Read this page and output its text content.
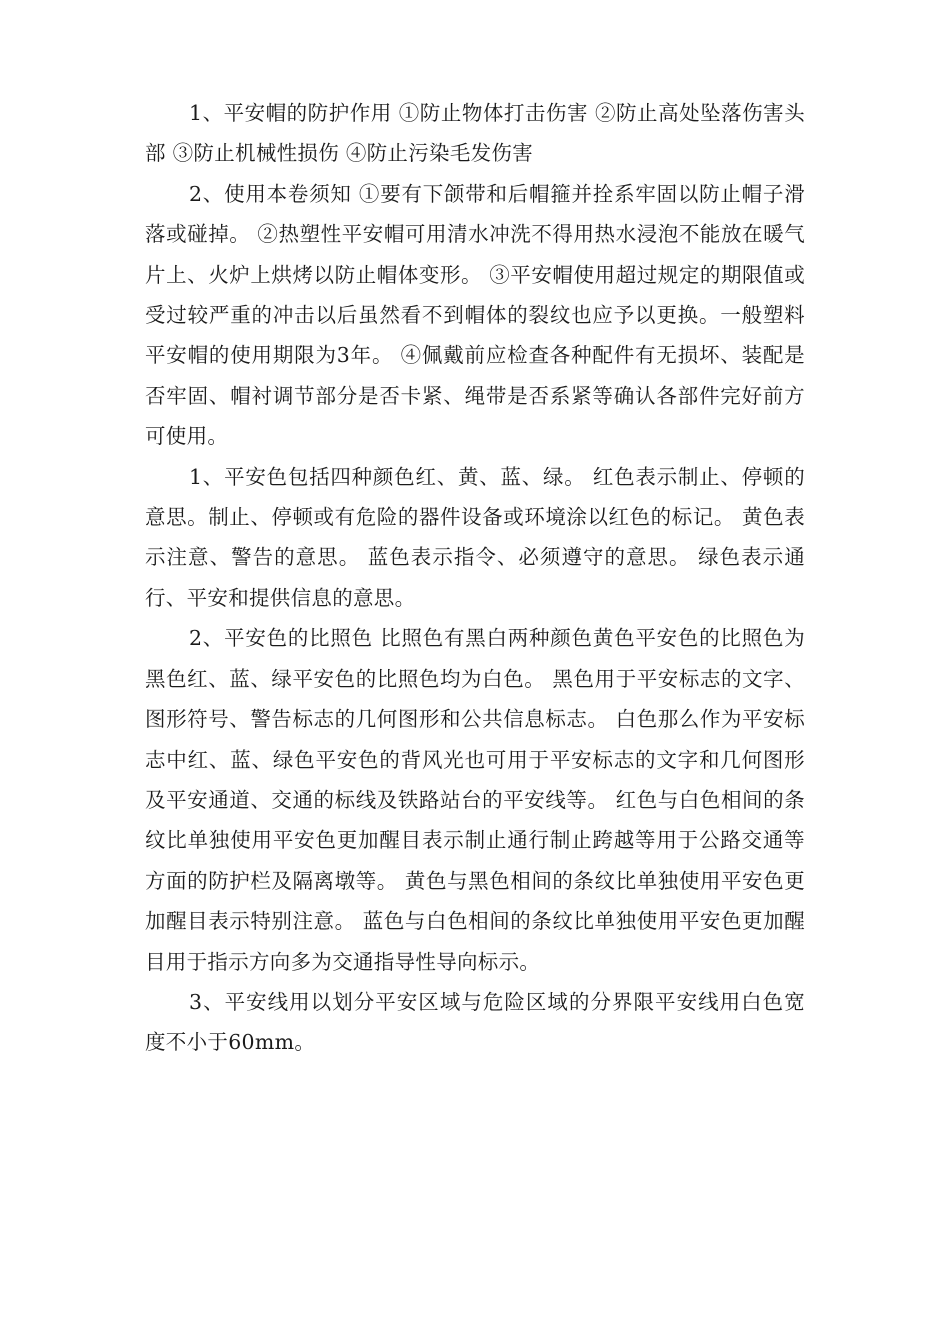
1、平安帽的防护作用 ①防止物体打击伤害 ②防止高处坠落伤害头部 ③防止机械性损伤 ④防止污染毛发伤害

2、使用本卷须知 ①要有下颌带和后帽箍并拴系牢固以防止帽子滑落或碰掉。 ②热塑性平安帽可用清水冲洗不得用热水浸泡不能放在暖气片上、火炉上烘烤以防止帽体变形。 ③平安帽使用超过规定的期限值或受过较严重的冲击以后虽然看不到帽体的裂纹也应予以更换。一般塑料平安帽的使用期限为3年。 ④佩戴前应检查各种配件有无损坏、装配是否牢固、帽衬调节部分是否卡紧、绳带是否系紧等确认各部件完好前方可使用。

1、平安色包括四种颜色红、黄、蓝、绿。 红色表示制止、停顿的意思。制止、停顿或有危险的器件设备或环境涂以红色的标记。 黄色表示注意、警告的意思。 蓝色表示指令、必须遵守的意思。 绿色表示通行、平安和提供信息的意思。

2、平安色的比照色 比照色有黑白两种颜色黄色平安色的比照色为黑色红、蓝、绿平安色的比照色均为白色。 黑色用于平安标志的文字、图形符号、警告标志的几何图形和公共信息标志。 白色那么作为平安标志中红、蓝、绿色平安色的背风光也可用于平安标志的文字和几何图形及平安通道、交通的标线及铁路站台的平安线等。 红色与白色相间的条纹比单独使用平安色更加醒目表示制止通行制止跨越等用于公路交通等方面的防护栏及隔离墩等。 黄色与黑色相间的条纹比单独使用平安色更加醒目表示特别注意。 蓝色与白色相间的条纹比单独使用平安色更加醒目用于指示方向多为交通指导性导向标示。

3、平安线用以划分平安区域与危险区域的分界限平安线用白色宽度不小于60mm。
